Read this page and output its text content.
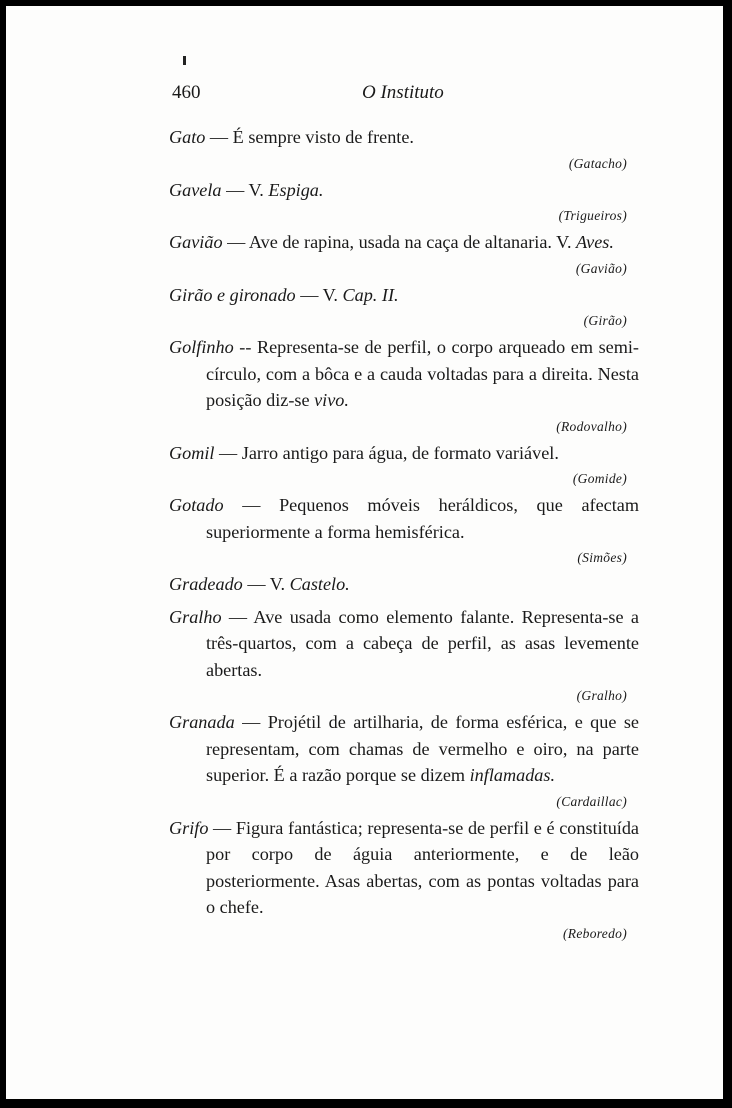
460	O Instituto

Gato — É sempre visto de frente.

(Gatacho)

Gavela — V. Espiga.

(Trigueiros)

Gavião — Ave de rapina, usada na caça de altanaria. V. Aves.

(Gavião)

Girão e gironado — V. Cap. II.

(Girão)

Golfinho -- Representa-se de perfil, o corpo arqueado em semi-círculo, com a bôca e a cauda voltadas para a direita. Nesta posição diz-se vivo.

(Rodovalho)

Gomil — Jarro antigo para água, de formato variável.

(Gomide)

Gotado — Pequenos móveis heráldicos, que afectam superiormente a forma hemisférica.

(Simões)

Gradeado — V. Castelo.

Gralho — Ave usada como elemento falante. Representa-se a três-quartos, com a cabeça de perfil, as asas levemente abertas.

(Gralho)

Granada — Projétil de artilharia, de forma esférica, e que se representam, com chamas de vermelho e oiro, na parte superior. É a razão porque se dizem inflamadas.

(Cardaillac)

Grifo — Figura fantástica; representa-se de perfil e é constituída por corpo de águia anteriormente, e de leão posteriormente. Asas abertas, com as pontas voltadas para o chefe.

(Reboredo)
